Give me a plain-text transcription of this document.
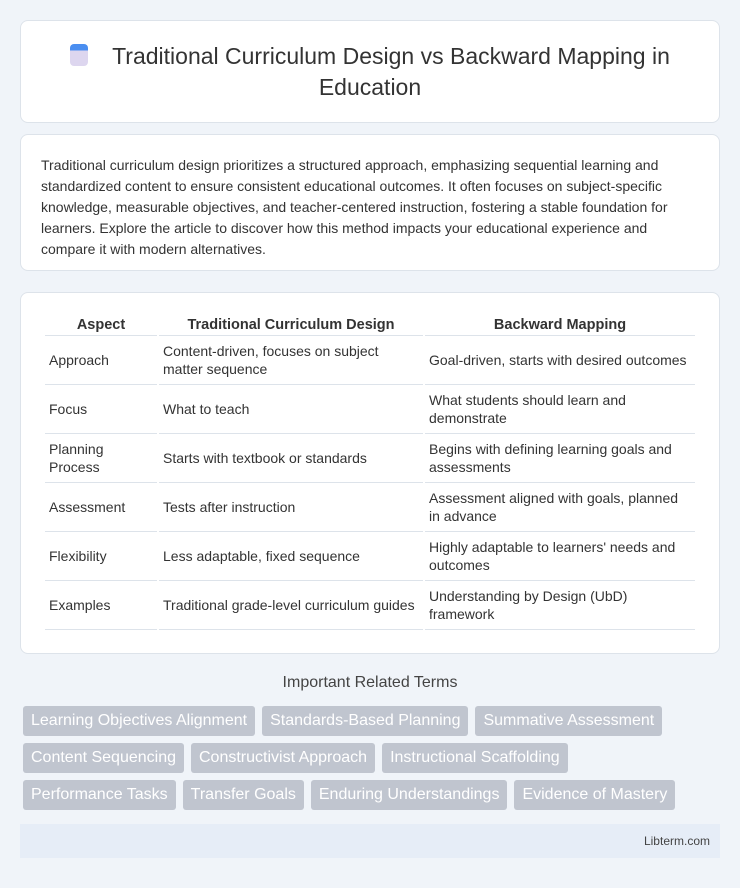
Traditional Curriculum Design vs Backward Mapping in Education

Traditional curriculum design prioritizes a structured approach, emphasizing sequential learning and standardized content to ensure consistent educational outcomes. It often focuses on subject-specific knowledge, measurable objectives, and teacher-centered instruction, fostering a stable foundation for learners. Explore the article to discover how this method impacts your educational experience and compare it with modern alternatives.

Aspect	Traditional Curriculum Design	Backward Mapping
Approach	Content-driven, focuses on subject matter sequence	Goal-driven, starts with desired outcomes
Focus	What to teach	What students should learn and demonstrate
Planning Process	Starts with textbook or standards	Begins with defining learning goals and assessments
Assessment	Tests after instruction	Assessment aligned with goals, planned in advance
Flexibility	Less adaptable, fixed sequence	Highly adaptable to learners' needs and outcomes
Examples	Traditional grade-level curriculum guides	Understanding by Design (UbD) framework
Important Related Terms
Learning Objectives Alignment	Standards-Based Planning	Summative Assessment
Content Sequencing	Constructivist Approach	Instructional Scaffolding
Performance Tasks	Transfer Goals	Enduring Understandings	Evidence of Mastery
Libterm.com
